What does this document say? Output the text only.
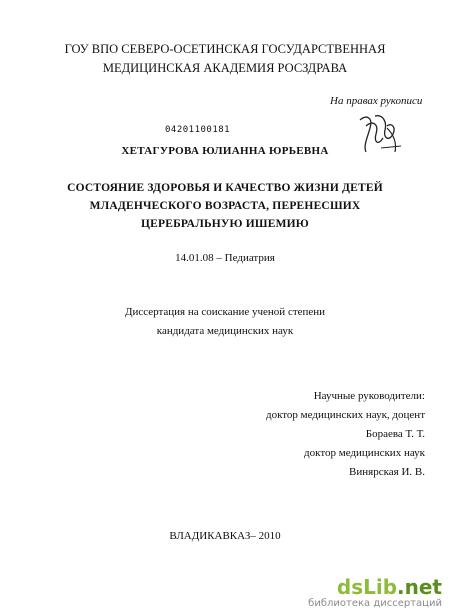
ГОУ ВПО СЕВЕРО-ОСЕТИНСКАЯ ГОСУДАРСТВЕННАЯ
МЕДИЦИНСКАЯ АКАДЕМИЯ РОСЗДРАВА
На правах рукописи
04201100181
ХЕТАГУРОВА ЮЛИАННА ЮРЬЕВНА
СОСТОЯНИЕ ЗДОРОВЬЯ И КАЧЕСТВО ЖИЗНИ ДЕТЕЙ
МЛАДЕНЧЕСКОГО ВОЗРАСТА, ПЕРЕНЕСШИХ
ЦЕРЕБРАЛЬНУЮ ИШЕМИЮ
14.01.08 – Педиатрия
Диссертация на соискание ученой степени
кандидата медицинских наук
Научные руководители:
доктор медицинских наук, доцент
Бораева Т. Т.
доктор медицинских наук
Винярская И. В.
ВЛАДИКАВКАЗ– 2010
dsLib.net
библиотека диссертаций
